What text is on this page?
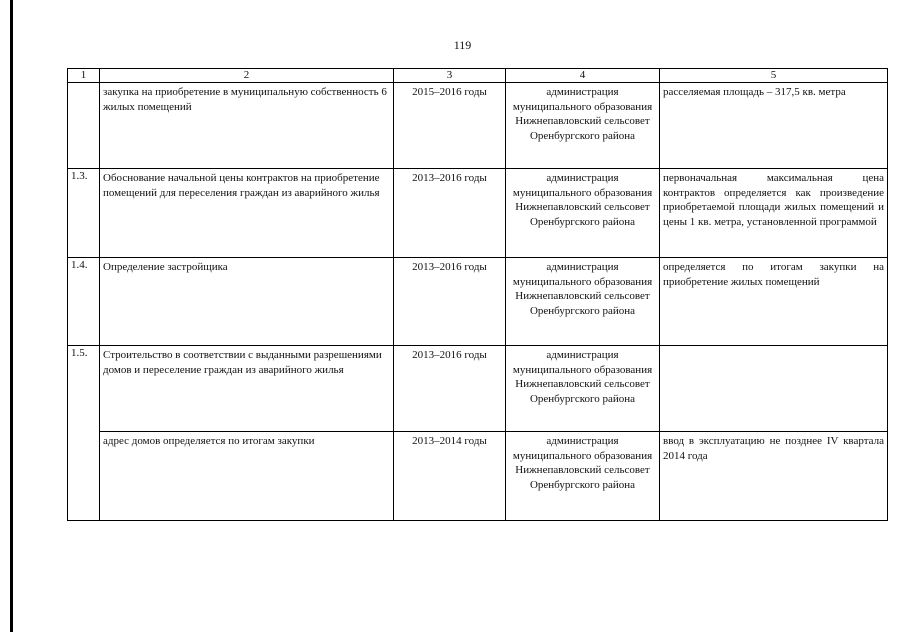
119
1	2	3	4	5
	закупка на приобретение в муниципальную собственность 6 жилых помещений	2015–2016 годы	администрация муниципального образования Нижнепавловский сельсовет Оренбургского района	расселяемая площадь – 317,5 кв. метра
1.3.	Обоснование начальной цены контрактов на приобретение помещений для переселения граждан из аварийного жилья	2013–2016 годы	администрация муниципального образования Нижнепавловский сельсовет Оренбургского района	первоначальная максимальная цена контрактов определяется как произведение приобретаемой площади жилых помещений и цены 1 кв. метра, установленной программой
1.4.	Определение застройщика	2013–2016 годы	администрация муниципального образования Нижнепавловский сельсовет Оренбургского района	определяется по итогам закупки на приобретение жилых помещений
1.5.	Строительство в соответствии с выданными разрешениями домов и переселение граждан из аварийного жилья	2013–2016 годы	администрация муниципального образования Нижнепавловский сельсовет Оренбургского района	
	адрес домов определяется по итогам закупки	2013–2014 годы	администрация муниципального образования Нижнепавловский сельсовет Оренбургского района	ввод в эксплуатацию не позднее IV квартала 2014 года
